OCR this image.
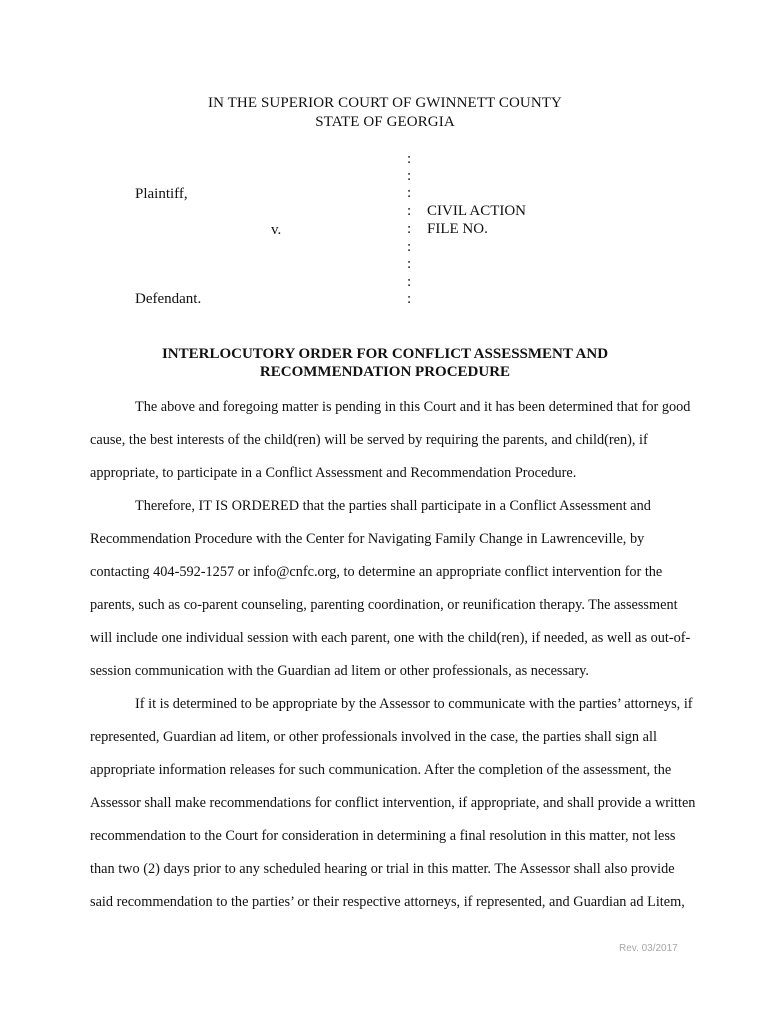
IN THE SUPERIOR COURT OF GWINNETT COUNTY
STATE OF GEORGIA
Plaintiff,
v.
Defendant.
:
:
:
:
:
:
:
:
:
CIVIL ACTION
FILE NO.
INTERLOCUTORY ORDER FOR CONFLICT ASSESSMENT AND
RECOMMENDATION PROCEDURE
The above and foregoing matter is pending in this Court and it has been determined that for good
cause, the best interests of the child(ren) will be served by requiring the parents, and child(ren), if
appropriate, to participate in a Conflict Assessment and Recommendation Procedure.
Therefore, IT IS ORDERED that the parties shall participate in a Conflict Assessment and
Recommendation Procedure with the Center for Navigating Family Change in Lawrenceville, by
contacting 404-592-1257 or info@cnfc.org, to determine an appropriate conflict intervention for the
parents, such as co-parent counseling, parenting coordination, or reunification therapy. The assessment
will include one individual session with each parent, one with the child(ren), if needed, as well as out-of-
session communication with the Guardian ad litem or other professionals, as necessary.
If it is determined to be appropriate by the Assessor to communicate with the parties’ attorneys, if
represented, Guardian ad litem, or other professionals involved in the case, the parties shall sign all
appropriate information releases for such communication. After the completion of the assessment, the
Assessor shall make recommendations for conflict intervention, if appropriate, and shall provide a written
recommendation to the Court for consideration in determining a final resolution in this matter, not less
than two (2) days prior to any scheduled hearing or trial in this matter. The Assessor shall also provide
said recommendation to the parties’ or their respective attorneys, if represented, and Guardian ad Litem,
Rev. 03/2017
